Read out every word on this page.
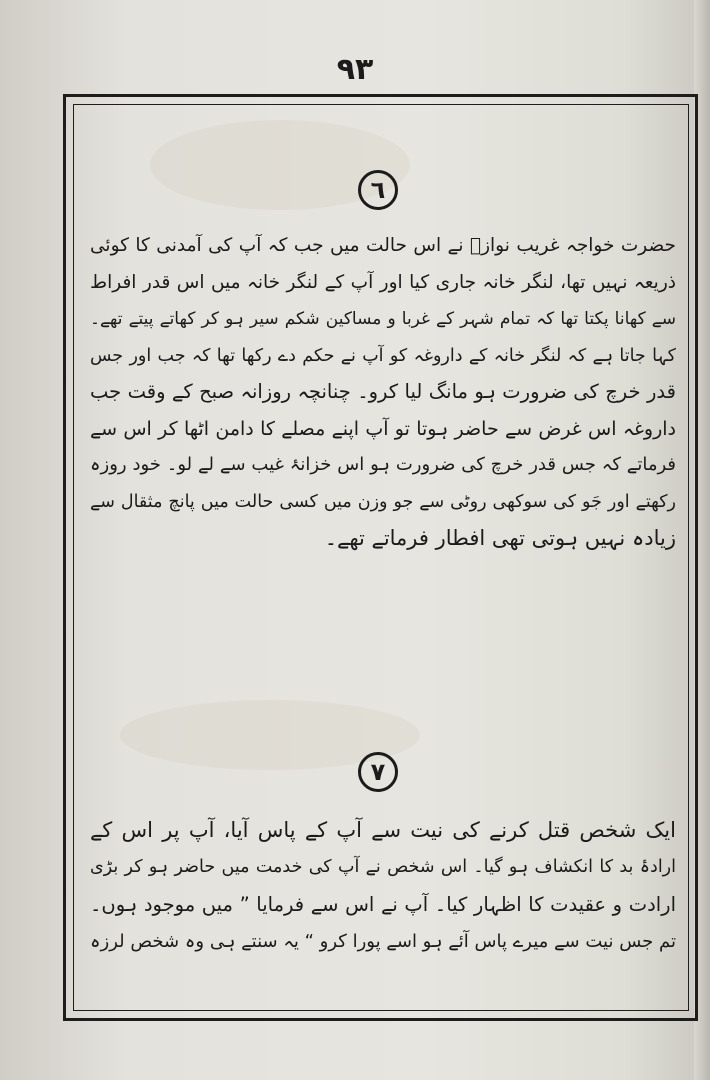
٩٣
٦
حضرت خواجہ غریب نوازؒ نے اس حالت میں جب کہ آپ کی آمدنی کا کوئی
ذریعہ نہیں تھا، لنگر خانہ جاری کیا اور آپ کے لنگر خانہ میں اس قدر افراط
سے کھانا پکتا تھا کہ تمام شہر کے غربا و مساکین شکم سیر ہو کر کھاتے پیتے تھے۔
کہا جاتا ہے کہ لنگر خانہ کے داروغہ کو آپ نے حکم دے رکھا تھا کہ جب اور جس
قدر خرچ کی ضرورت ہو مانگ لیا کرو۔ چنانچہ روزانہ صبح کے وقت جب
داروغہ اس غرض سے حاضر ہوتا تو آپ اپنے مصلے کا دامن اٹھا کر اس سے
فرماتے کہ جس قدر خرچ کی ضرورت ہو اس خزانۂ غیب سے لے لو۔ خود روزہ
رکھتے اور جَو کی سوکھی روٹی سے جو وزن میں کسی حالت میں پانچ مثقال سے
زیادہ نہیں ہوتی تھی افطار فرماتے تھے۔
٧
ایک شخص قتل کرنے کی نیت سے آپ کے پاس آیا، آپ پر اس کے
ارادۂ بد کا انکشاف ہو گیا۔ اس شخص نے آپ کی خدمت میں حاضر ہو کر بڑی
ارادت و عقیدت کا اظہار کیا۔ آپ نے اس سے فرمایا ” میں موجود ہوں۔
تم جس نیت سے میرے پاس آئے ہو اسے پورا کرو “ یہ سنتے ہی وہ شخص لرزہ
